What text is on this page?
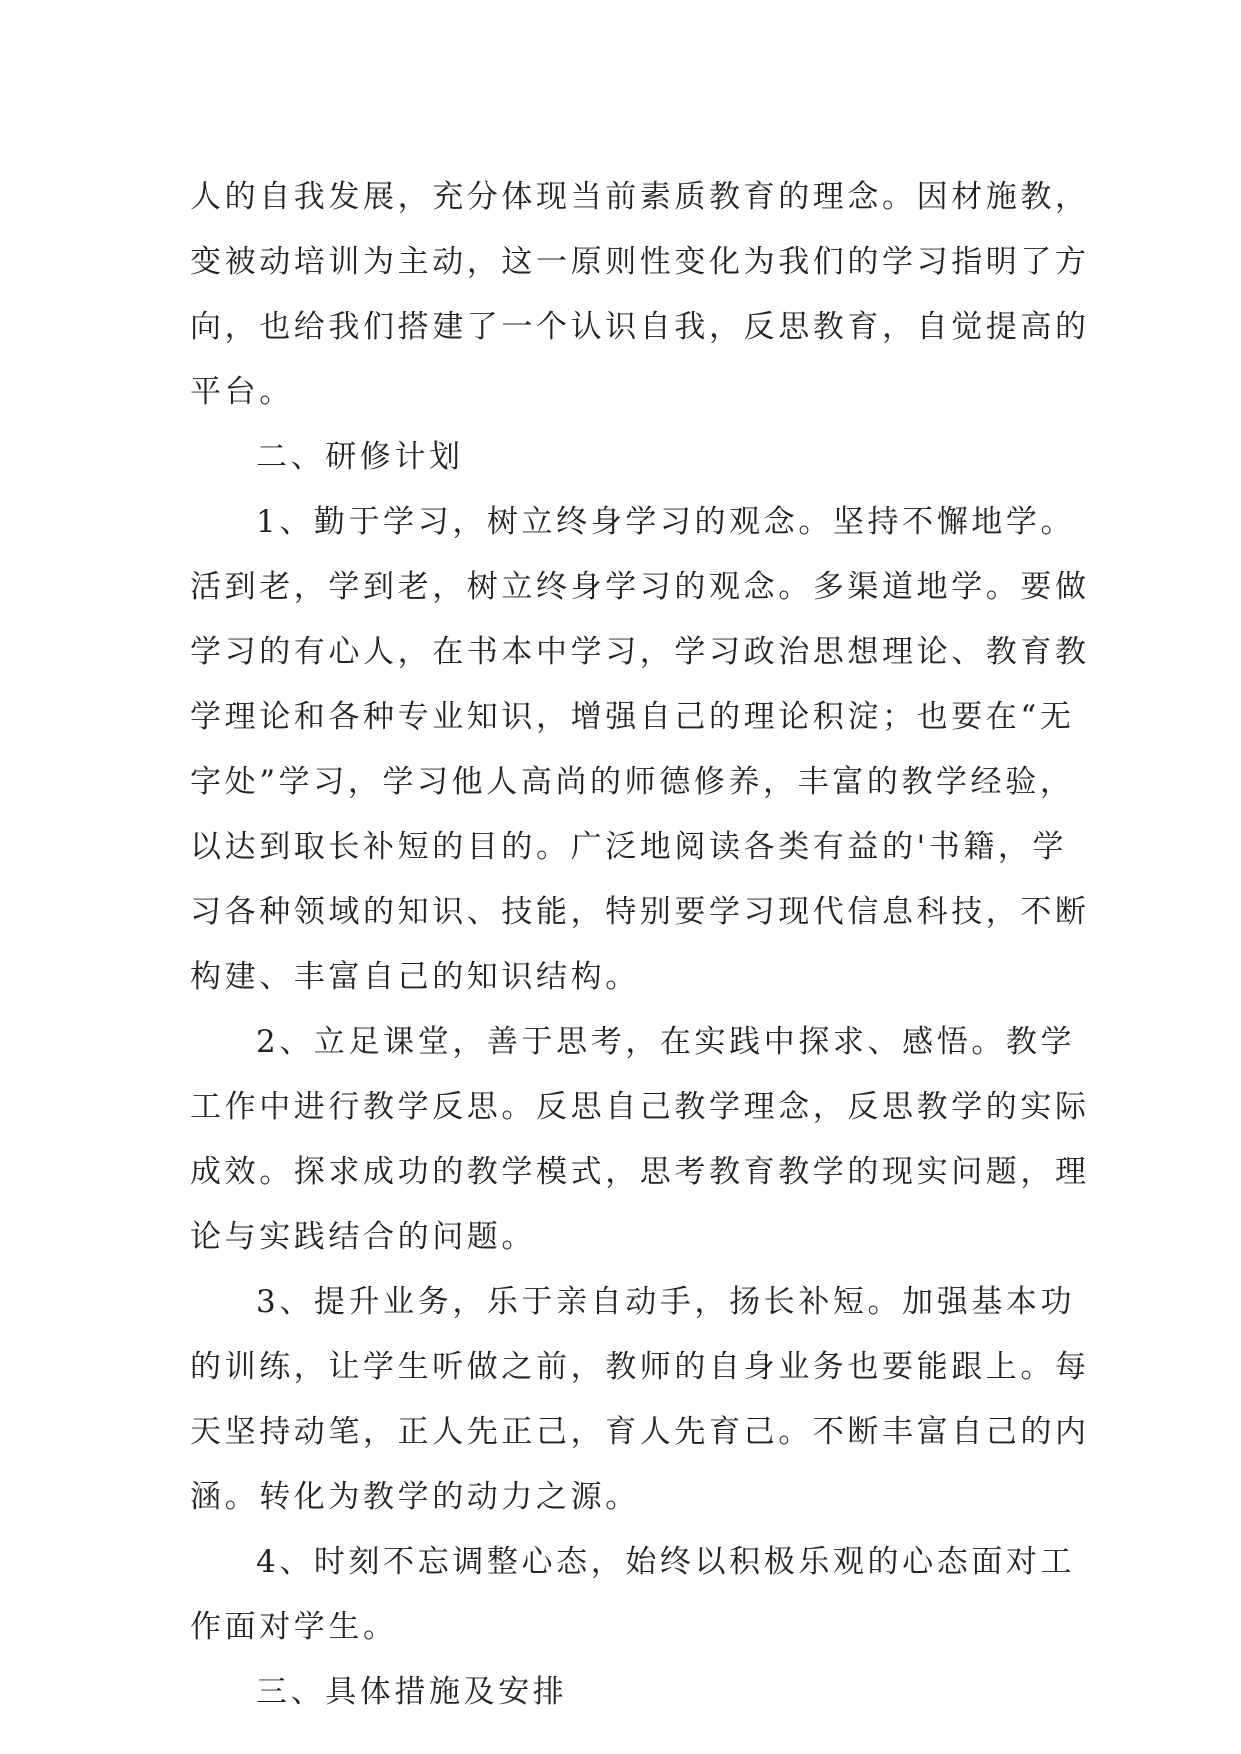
人的自我发展，充分体现当前素质教育的理念。因材施教，
变被动培训为主动，这一原则性变化为我们的学习指明了方
向，也给我们搭建了一个认识自我，反思教育，自觉提高的
平台。
二、研修计划
1、勤于学习，树立终身学习的观念。坚持不懈地学。
活到老，学到老，树立终身学习的观念。多渠道地学。要做
学习的有心人，在书本中学习，学习政治思想理论、教育教
学理论和各种专业知识，增强自己的理论积淀；也要在“无
字处”学习，学习他人高尚的师德修养，丰富的教学经验，
以达到取长补短的目的。广泛地阅读各类有益的'书籍，学
习各种领域的知识、技能，特别要学习现代信息科技，不断
构建、丰富自己的知识结构。
2、立足课堂，善于思考，在实践中探求、感悟。教学
工作中进行教学反思。反思自己教学理念，反思教学的实际
成效。探求成功的教学模式，思考教育教学的现实问题，理
论与实践结合的问题。
3、提升业务，乐于亲自动手，扬长补短。加强基本功
的训练，让学生听做之前，教师的自身业务也要能跟上。每
天坚持动笔，正人先正己，育人先育己。不断丰富自己的内
涵。转化为教学的动力之源。
4、时刻不忘调整心态，始终以积极乐观的心态面对工
作面对学生。
三、具体措施及安排
